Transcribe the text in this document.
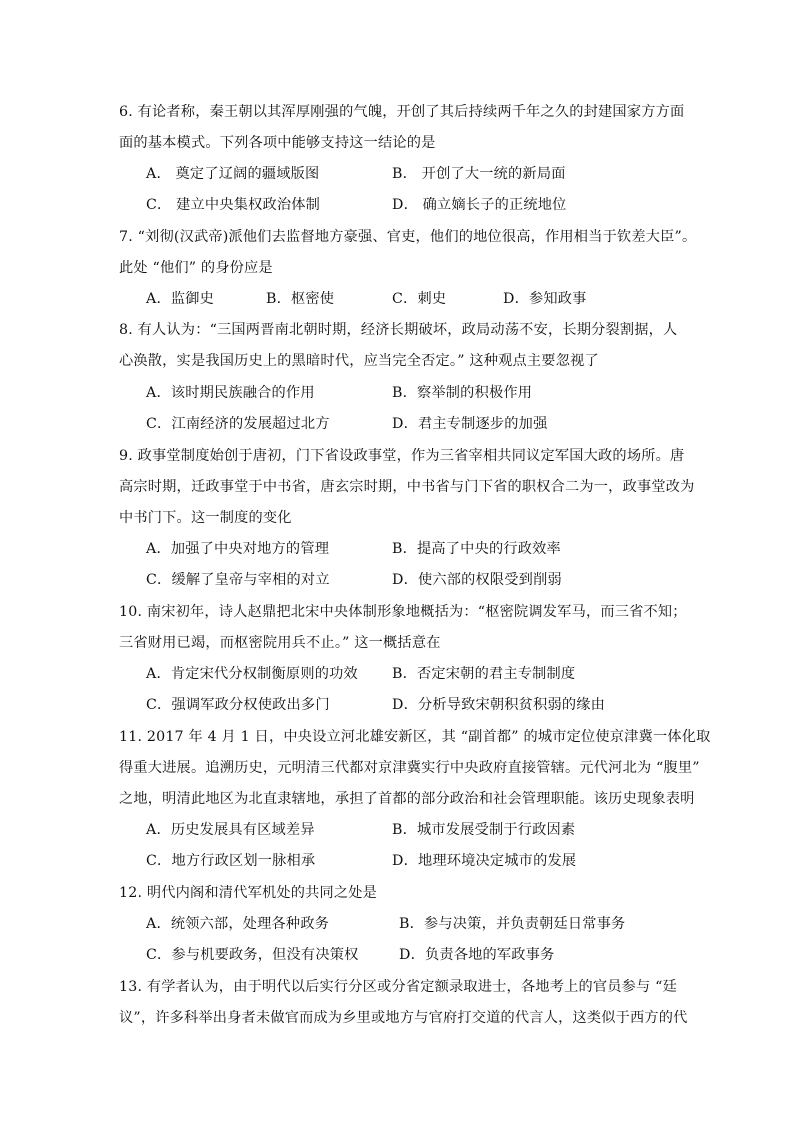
6. 有论者称，秦王朝以其浑厚刚强的气魄，开创了其后持续两千年之久的封建国家方方面
面的基本模式。下列各项中能够支持这一结论的是
A． 奠定了辽阔的疆域版图	B． 开创了大一统的新局面
C． 建立中央集权政治体制	D． 确立嫡长子的正统地位
7. “刘彻(汉武帝)派他们去监督地方豪强、官吏，他们的地位很高，作用相当于钦差大臣”。
此处 “他们” 的身份应是
A．监御史	B．枢密使	C．刺史	D．参知政事
8. 有人认为：“三国两晋南北朝时期，经济长期破坏，政局动荡不安，长期分裂割据，人
心涣散，实是我国历史上的黑暗时代，应当完全否定。” 这种观点主要忽视了
A．该时期民族融合的作用	B．察举制的积极作用
C．江南经济的发展超过北方	D．君主专制逐步的加强
9. 政事堂制度始创于唐初，门下省设政事堂，作为三省宰相共同议定军国大政的场所。唐
高宗时期，迁政事堂于中书省，唐玄宗时期，中书省与门下省的职权合二为一，政事堂改为
中书门下。这一制度的变化
A．加强了中央对地方的管理	B．提高了中央的行政效率
C．缓解了皇帝与宰相的对立	D．使六部的权限受到削弱
10. 南宋初年，诗人赵鼎把北宋中央体制形象地概括为：“枢密院调发军马，而三省不知；
三省财用已竭，而枢密院用兵不止。” 这一概括意在
A．肯定宋代分权制衡原则的功效 B．否定宋朝的君主专制制度
C．强调军政分权使政出多门	D．分析导致宋朝积贫积弱的缘由
11. 2017 年 4 月 1 日，中央设立河北雄安新区，其 “副首都” 的城市定位使京津冀一体化取
得重大进展。追溯历史，元明清三代都对京津冀实行中央政府直接管辖。元代河北为 “腹里”
之地，明清此地区为北直隶辖地，承担了首都的部分政治和社会管理职能。该历史现象表明
A．历史发展具有区域差异	B．城市发展受制于行政因素
C．地方行政区划一脉相承	D．地理环境决定城市的发展
12. 明代内阁和清代军机处的共同之处是
A．统领六部，处理各种政务	B．参与决策，并负责朝廷日常事务
C．参与机要政务，但没有决策权	D．负责各地的军政事务
13. 有学者认为，由于明代以后实行分区或分省定额录取进士，各地考上的官员参与 “廷
议”，许多科举出身者未做官而成为乡里或地方与官府打交道的代言人，这类似于西方的代
